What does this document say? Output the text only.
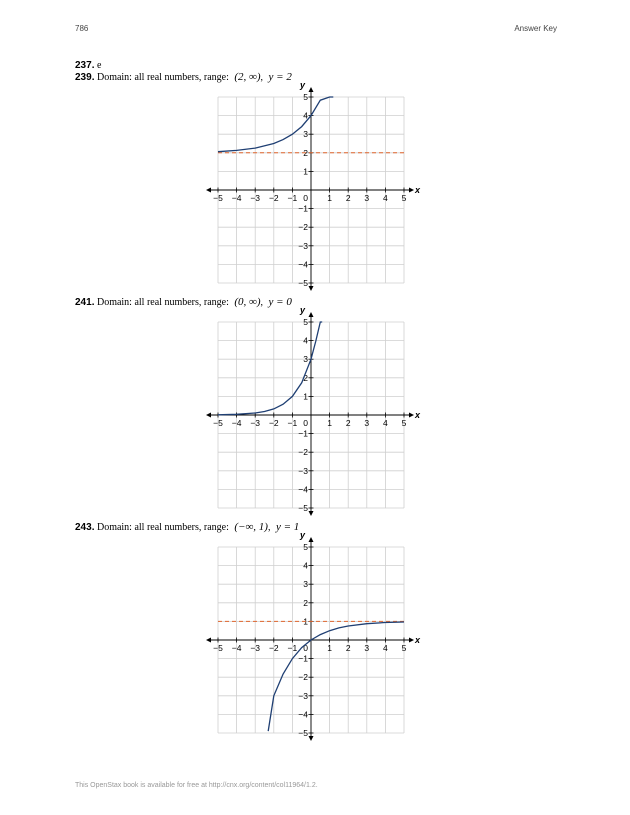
786	Answer Key
237. e
239. Domain: all real numbers, range: (2, ∞), y = 2
−5 −4 −3 −2 −1	1 2 3 4 5
5
4
3
2
1
−1
−2
−3
−4
−5
0
x
y
241. Domain: all real numbers, range: (0, ∞), y = 0
−5 −4 −3 −2 −1	1 2 3 4 5
5
4
3
2
1
−1
−2
−3
−4
−5
0
x
y
243. Domain: all real numbers, range: (−∞, 1), y = 1
−5 −4 −3 −2 −1	1 2 3 4 5
5
4
3
2
1
−1
−2
−3
−4
−5
0
x
y
This OpenStax book is available for free at http://cnx.org/content/col11964/1.2.
